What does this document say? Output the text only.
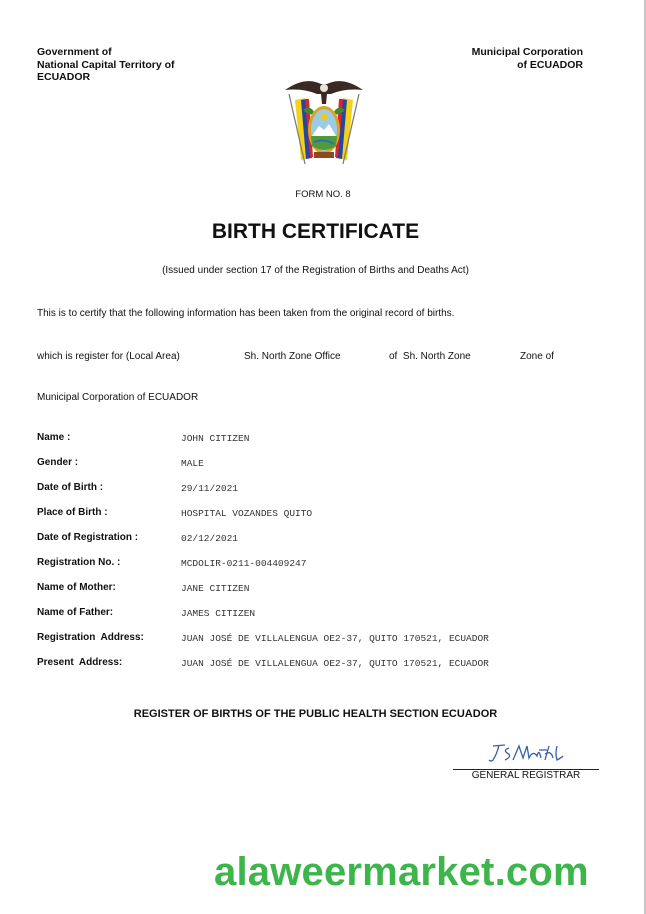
Government of
National Capital Territory of
ECUADOR
Municipal Corporation
of ECUADOR
FORM NO. 8
BIRTH CERTIFICATE
(Issued under section 17 of the Registration of Births and Deaths Act)
This is to certify that the following information has been taken from the original record of births.
which is register for (Local Area)	Sh. North Zone Office	of  Sh. North Zone	Zone of
Municipal Corporation of ECUADOR
Name :	JOHN CITIZEN
Gender :	MALE
Date of Birth :	29/11/2021
Place of Birth :	HOSPITAL VOZANDES QUITO
Date of Registration :	02/12/2021
Registration No. :	MCDOLIR-0211-004409247
Name of Mother:	JANE CITIZEN
Name of Father:	JAMES CITIZEN
Registration  Address:	JUAN JOSÉ DE VILLALENGUA OE2-37, QUITO 170521, ECUADOR
Present  Address:	JUAN JOSÉ DE VILLALENGUA OE2-37, QUITO 170521, ECUADOR
REGISTER OF BIRTHS OF THE PUBLIC HEALTH SECTION ECUADOR
GENERAL REGISTRAR
alaweermarket.com
